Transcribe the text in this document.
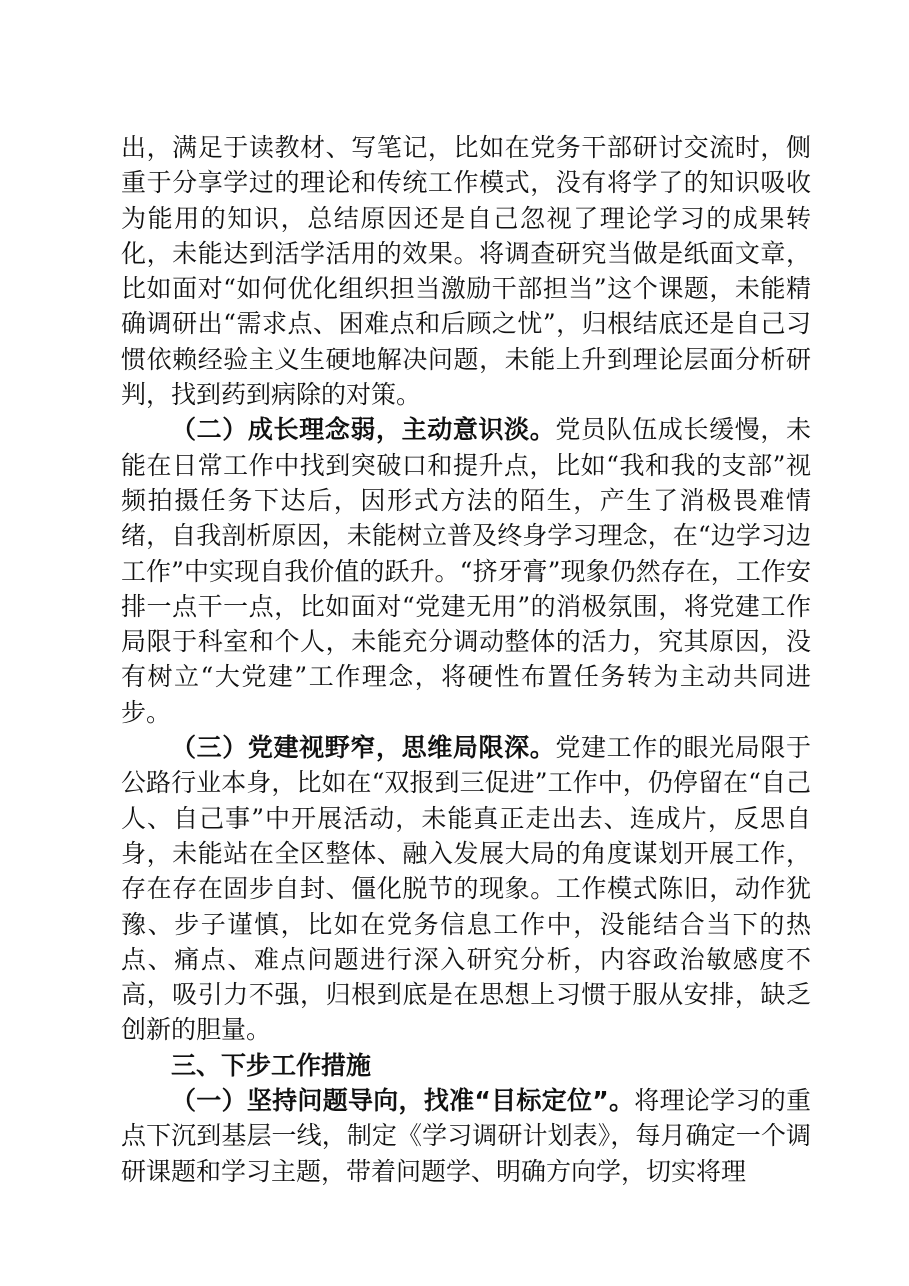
出，满足于读教材、写笔记，比如在党务干部研讨交流时，侧重于分享学过的理论和传统工作模式，没有将学了的知识吸收为能用的知识，总结原因还是自己忽视了理论学习的成果转化，未能达到活学活用的效果。将调查研究当做是纸面文章，比如面对“如何优化组织担当激励干部担当”这个课题，未能精确调研出“需求点、困难点和后顾之忧”，归根结底还是自己习惯依赖经验主义生硬地解决问题，未能上升到理论层面分析研判，找到药到病除的对策。

（二）成长理念弱，主动意识淡。党员队伍成长缓慢，未能在日常工作中找到突破口和提升点，比如“我和我的支部”视频拍摄任务下达后，因形式方法的陌生，产生了消极畏难情绪，自我剖析原因，未能树立普及终身学习理念，在“边学习边工作”中实现自我价值的跃升。“挤牙膏”现象仍然存在，工作安排一点干一点，比如面对“党建无用”的消极氛围，将党建工作局限于科室和个人，未能充分调动整体的活力，究其原因，没有树立“大党建”工作理念，将硬性布置任务转为主动共同进步。

（三）党建视野窄，思维局限深。党建工作的眼光局限于公路行业本身，比如在“双报到三促进”工作中，仍停留在“自己人、自己事”中开展活动，未能真正走出去、连成片，反思自身，未能站在全区整体、融入发展大局的角度谋划开展工作，存在存在固步自封、僵化脱节的现象。工作模式陈旧，动作犹豫、步子谨慎，比如在党务信息工作中，没能结合当下的热点、痛点、难点问题进行深入研究分析，内容政治敏感度不高，吸引力不强，归根到底是在思想上习惯于服从安排，缺乏创新的胆量。

三、下步工作措施

（一）坚持问题导向，找准“目标定位”。将理论学习的重点下沉到基层一线，制定《学习调研计划表》，每月确定一个调研课题和学习主题，带着问题学、明确方向学，切实将理
